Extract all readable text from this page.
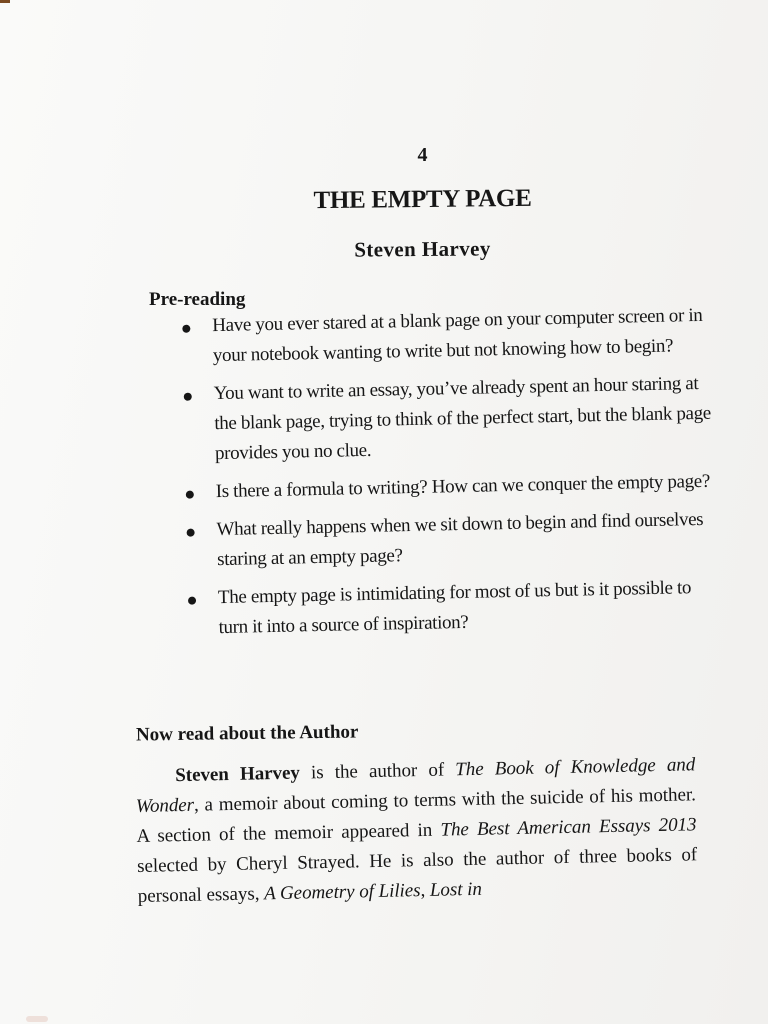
4
THE EMPTY PAGE
Steven Harvey
Pre-reading
Have you ever stared at a blank page on your computer screen or in your notebook wanting to write but not knowing how to begin?
You want to write an essay, you’ve already spent an hour staring at the blank page, trying to think of the perfect start, but the blank page provides you no clue.
Is there a formula to writing? How can we conquer the empty page?
What really happens when we sit down to begin and find ourselves staring at an empty page?
The empty page is intimidating for most of us but is it possible to turn it into a source of inspiration?
Now read about the Author
Steven Harvey is the author of The Book of Knowledge and Wonder, a memoir about coming to terms with the suicide of his mother. A section of the memoir appeared in The Best American Essays 2013 selected by Cheryl Strayed. He is also the author of three books of personal essays, A Geometry of Lilies, Lost in
